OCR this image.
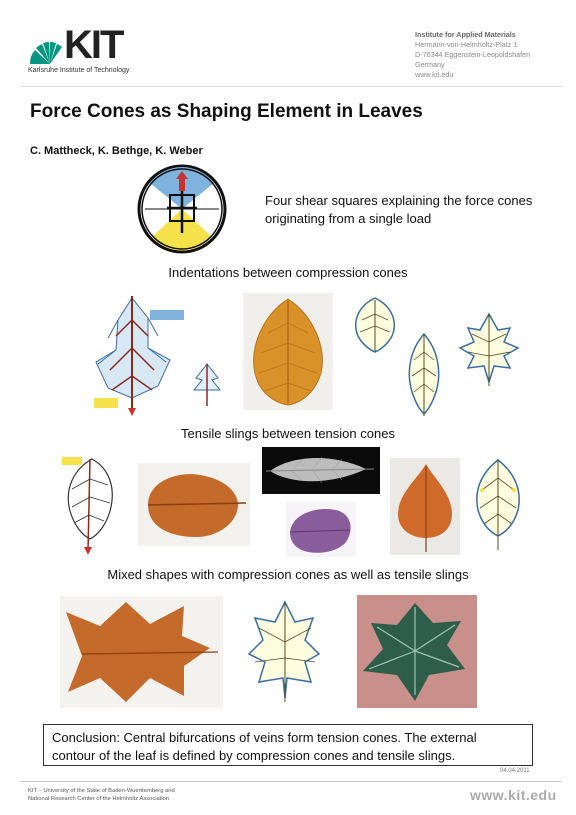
KIT
Karlsruhe Institute of Technology
Institute for Applied Materials
Hermann-von-Helmholtz-Platz 1
D-76344 Eggenstein-Leopoldshafen
Germany
www.kit.edu
Force Cones as Shaping Element in Leaves
C. Mattheck, K. Bethge, K. Weber
Four shear squares explaining the force cones originating from a single load
Indentations between compression cones
Tensile slings between tension cones
Mixed shapes with compression cones as well as tensile slings
Conclusion: Central bifurcations of veins form tension cones. The external
contour of the leaf is defined by compression cones and tensile slings.
04.04.2011
KIT – University of the State of Baden-Wuerttemberg and
National Research Center of the Helmholtz Association	www.kit.edu
